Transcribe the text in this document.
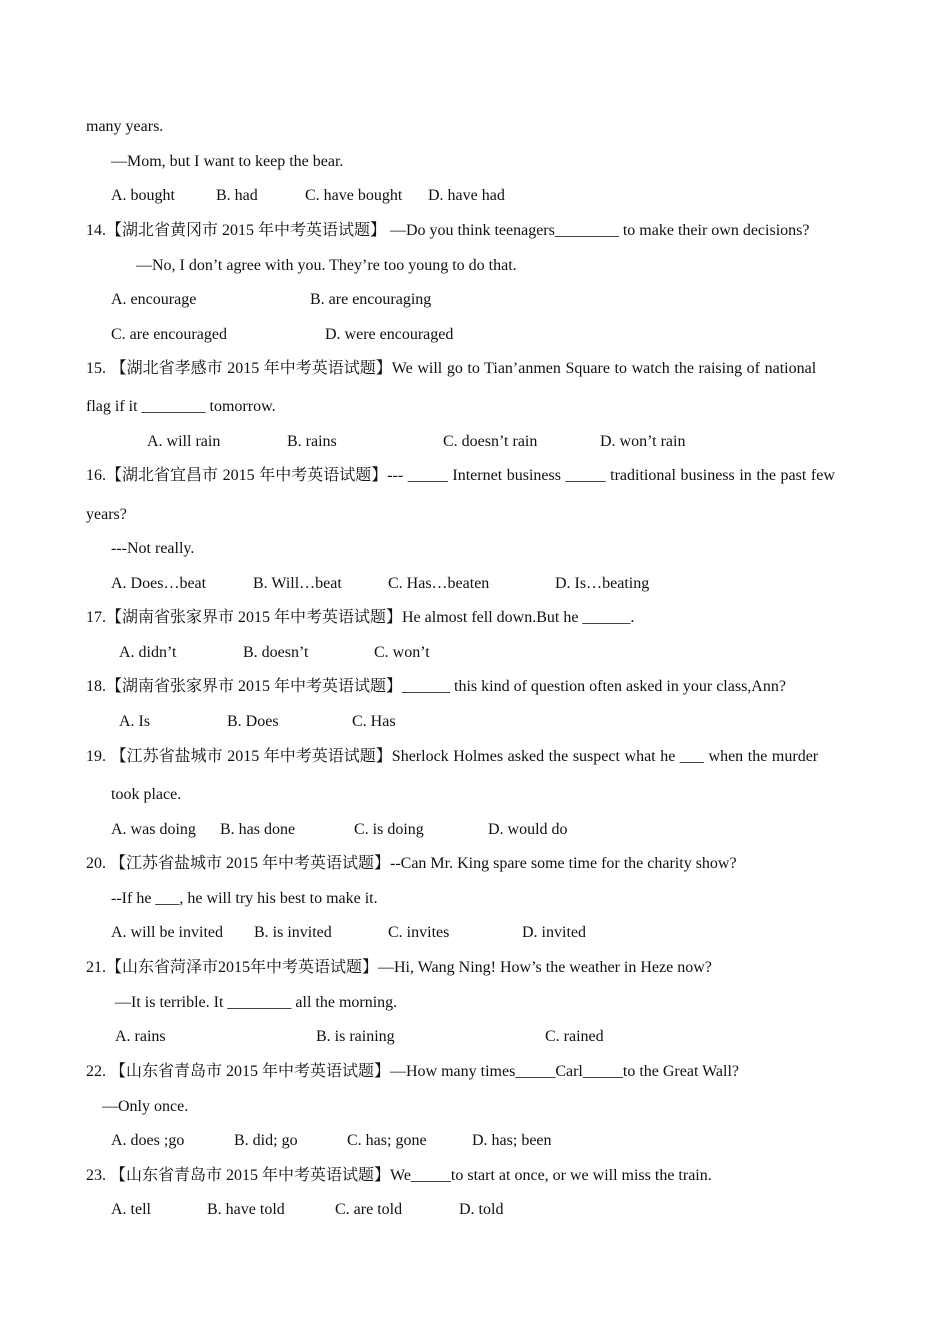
many years.
—Mom, but I want to keep the bear.
A. bought	B. had	C. have bought D. have had
14.【湖北省黄冈市 2015 年中考英语试题】 —Do you think teenagers________ to make their own decisions?
—No, I don’t agree with you. They’re too young to do that.
A. encourage	B. are encouraging
C. are encouraged	D. were encouraged
15. 【湖北省孝感市 2015 年中考英语试题】We will go to Tian’anmen Square to watch the raising of national
flag if it ________ tomorrow.
A. will rain	B. rains	C. doesn’t rain	D. won’t rain
16.【湖北省宜昌市 2015 年中考英语试题】--- _____ Internet business _____ traditional business in the past few
years?
---Not really.
A. Does…beat	B. Will…beat	C. Has…beaten	D. Is…beating
17.【湖南省张家界市 2015 年中考英语试题】He almost fell down.But he ______.
A. didn’t	B. doesn’t	C. won’t
18.【湖南省张家界市 2015 年中考英语试题】______ this kind of question often asked in your class,Ann?
A. Is	B. Does	C. Has
19. 【江苏省盐城市 2015 年中考英语试题】Sherlock Holmes asked the suspect what he ___ when the murder
took place.
A. was doing B. has done	C. is doing	D. would do
20. 【江苏省盐城市 2015 年中考英语试题】--Can Mr. King spare some time for the charity show?
--If he ___, he will try his best to make it.
A. will be invited B. is invited	C. invites	D. invited
21.【山东省菏泽市2015年中考英语试题】—Hi, Wang Ning! How’s the weather in Heze now?
—It is terrible. It ________ all the morning.
A. rains	B. is raining	C. rained
22. 【山东省青岛市 2015 年中考英语试题】—How many times_____Carl_____to the Great Wall?
—Only once.
A. does ;go	B. did; go	C. has; gone	D. has; been
23. 【山东省青岛市 2015 年中考英语试题】We_____to start at once, or we will miss the train.
A. tell	B. have told	C. are told	D. told
